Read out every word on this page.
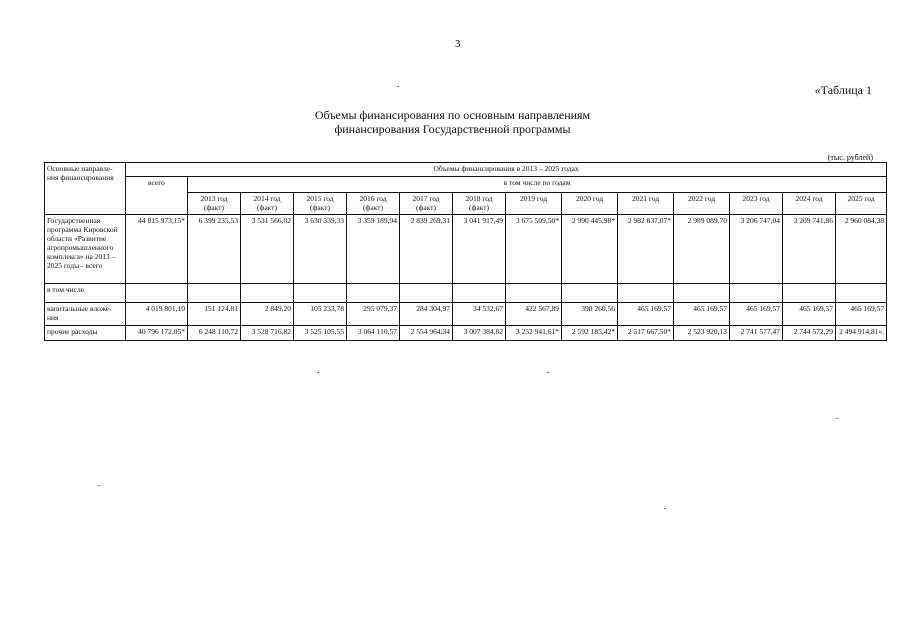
3
«Таблица 1
Объемы финансирования по основным направлениям
финансирования Государственной программы
(тыс. рублей)
Основные направле-ния финансирования	Объемы финансирования в 2013 – 2025 годах													
	всего	в том числе по годам												
		2013 год (факт)	2014 год (факт)	2015 год (факт)	2016 год (факт)	2017 год (факт)	2018 год (факт)	2019 год	2020 год	2021 год	2022 год	2023 год	2024 год	2025 год
Государственная программа Кировской области «Развитие агропромышленного комплекса» на 2013 – 2025 годы - всего	44 815 973,15*	6 399 235,53	3 531 566,02	3 630 339,33	3 359 189,94	2 839 269,31	3 041 917,49	3 675 509,50*	2 990 445,98*	2 982 837,07*	2 989 089,70	3 206 747,04	3 209 741,86	2 960 084,38
в том числе														
капитальные вложе-ния	4 019 801,10	151 124,81	2 849,20	105 233,78	295 079,37	284 304,97	34 532,67	422 567,89	398 260,56	465 169,57	465 169,57	465 169,57	465 169,57	465 169,57
прочие расходы	40 796 172,05*	6 248 110,72	3 528 716,82	3 525 105,55	3 064 110,57	2 554 964,34	3 007 384,82	3 252 941,61*	2 592 185,42*	2 517 667,50*	2 523 920,13	2 741 577,47	2 744 572,29	2 494 914,81».
